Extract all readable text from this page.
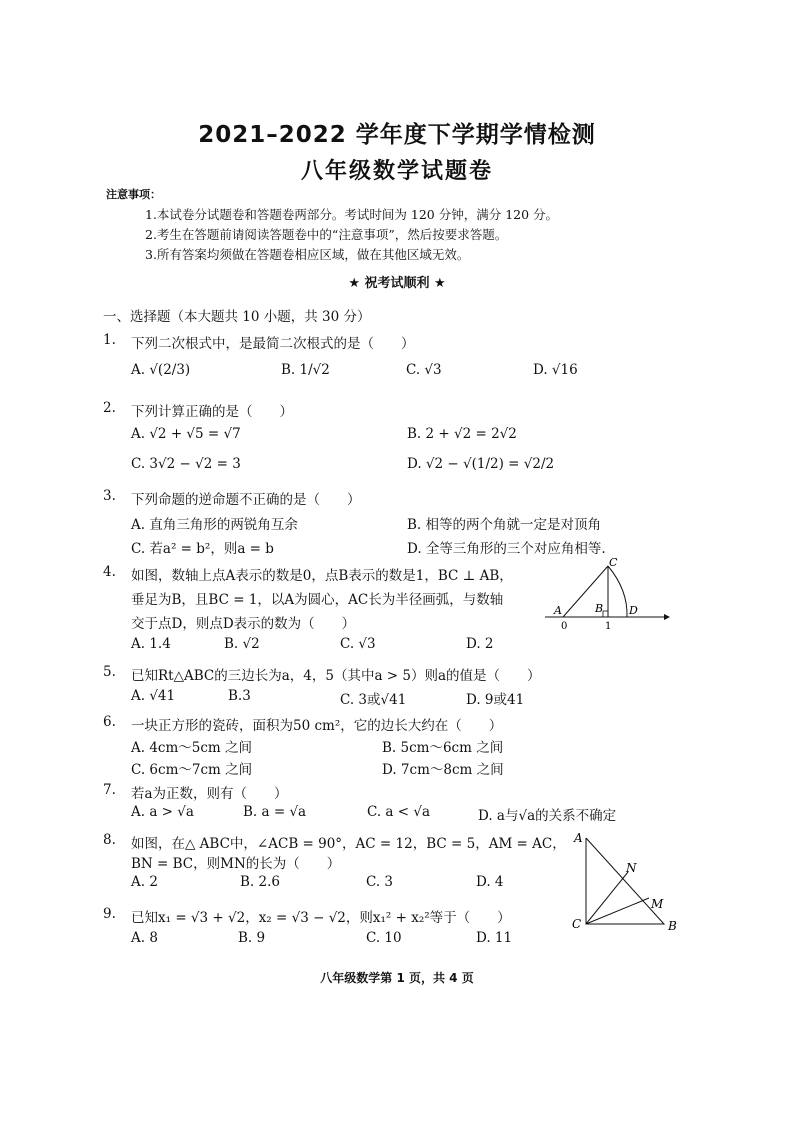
2021–2022 学年度下学期学情检测
八年级数学试题卷
注意事项：
1.本试卷分试题卷和答题卷两部分。考试时间为 120 分钟，满分 120 分。
2.考生在答题前请阅读答题卷中的“注意事项”，然后按要求答题。
3.所有答案均须做在答题卷相应区域，做在其他区域无效。
★ 祝考试顺利 ★
一、选择题（本大题共 10 小题，共 30 分）
1. 下列二次根式中，是最简二次根式的是（　　）
A. √(2/3)	B. 1/√2	C. √3	D. √16
2. 下列计算正确的是（　　）
A. √2 + √5 = √7	B. 2 + √2 = 2√2
C. 3√2 − √2 = 3	D. √2 − √(1/2) = √2/2
3. 下列命题的逆命题不正确的是（　　）
A. 直角三角形的两锐角互余	B. 相等的两个角就一定是对顶角
C. 若a² = b²，则a = b	D. 全等三角形的三个对应角相等.
4. 如图，数轴上点A表示的数是0，点B表示的数是1，BC ⊥ AB，
垂足为B，且BC = 1，以A为圆心，AC长为半径画弧，与数轴
交于点D，则点D表示的数为（　　）
A. 1.4	B. √2	C. √3	D. 2
A	B
C
D
0	1
5. 已知Rt△ABC的三边长为a，4，5（其中a > 5）则a的值是（　　）
A. √41	B.3	C. 3或√41	D. 9或41
6. 一块正方形的瓷砖，面积为50 cm²，它的边长大约在（　　）
A. 4cm～5cm 之间	B. 5cm～6cm 之间
C. 6cm～7cm 之间	D. 7cm～8cm 之间
7. 若a为正数，则有（　　）
A. a > √a	B. a = √a	C. a < √a	D. a与√a的关系不确定
8. 如图，在△ ABC中，∠ACB = 90°，AC = 12，BC = 5，AM = AC，
BN = BC，则MN的长为（　　）
A. 2	B. 2.6	C. 3	D. 4
A
N
M
C	B
9. 已知x₁ = √3 + √2，x₂ = √3 − √2，则x₁² + x₂²等于（　　）
A. 8	B. 9	C. 10	D. 11
八年级数学第 1 页，共 4 页
